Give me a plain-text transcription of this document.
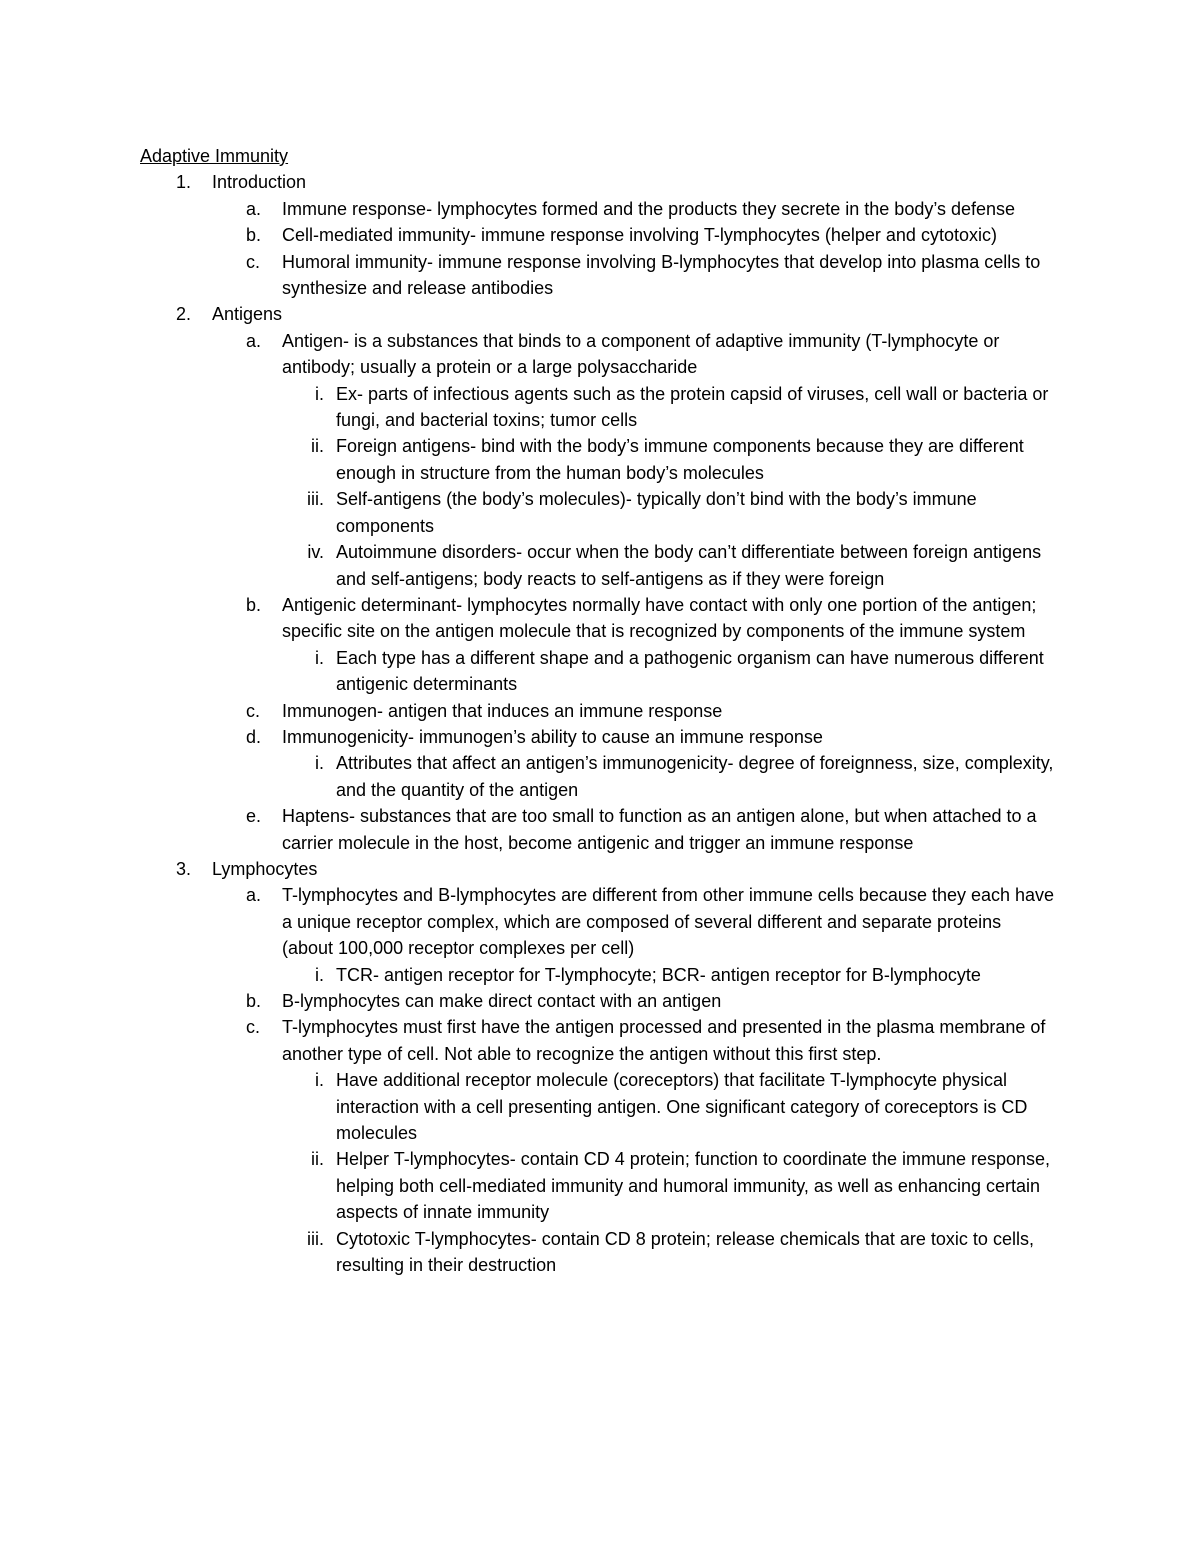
Adaptive Immunity
1. Introduction
a. Immune response- lymphocytes formed and the products they secrete in the body’s defense
b. Cell-mediated immunity- immune response involving T-lymphocytes (helper and cytotoxic)
c. Humoral immunity- immune response involving B-lymphocytes that develop into plasma cells to synthesize and release antibodies
2. Antigens
a. Antigen- is a substances that binds to a component of adaptive immunity (T-lymphocyte or antibody; usually a protein or a large polysaccharide
i. Ex- parts of infectious agents such as the protein capsid of viruses, cell wall or bacteria or fungi, and bacterial toxins; tumor cells
ii. Foreign antigens- bind with the body’s immune components because they are different enough in structure from the human body’s molecules
iii. Self-antigens (the body’s molecules)- typically don’t bind with the body’s immune components
iv. Autoimmune disorders- occur when the body can’t differentiate between foreign antigens and self-antigens; body reacts to self-antigens as if they were foreign
b. Antigenic determinant- lymphocytes normally have contact with only one portion of the antigen; specific site on the antigen molecule that is recognized by components of the immune system
i. Each type has a different shape and a pathogenic organism can have numerous different antigenic determinants
c. Immunogen- antigen that induces an immune response
d. Immunogenicity- immunogen’s ability to cause an immune response
i. Attributes that affect an antigen’s immunogenicity- degree of foreignness, size, complexity, and the quantity of the antigen
e. Haptens- substances that are too small to function as an antigen alone, but when attached to a carrier molecule in the host, become antigenic and trigger an immune response
3. Lymphocytes
a. T-lymphocytes and B-lymphocytes are different from other immune cells because they each have a unique receptor complex, which are composed of several different and separate proteins (about 100,000 receptor complexes per cell)
i. TCR- antigen receptor for T-lymphocyte; BCR- antigen receptor for B-lymphocyte
b. B-lymphocytes can make direct contact with an antigen
c. T-lymphocytes must first have the antigen processed and presented in the plasma membrane of another type of cell. Not able to recognize the antigen without this first step.
i. Have additional receptor molecule (coreceptors) that facilitate T-lymphocyte physical interaction with a cell presenting antigen. One significant category of coreceptors is CD molecules
ii. Helper T-lymphocytes- contain CD 4 protein; function to coordinate the immune response, helping both cell-mediated immunity and humoral immunity, as well as enhancing certain aspects of innate immunity
iii. Cytotoxic T-lymphocytes- contain CD 8 protein; release chemicals that are toxic to cells, resulting in their destruction
